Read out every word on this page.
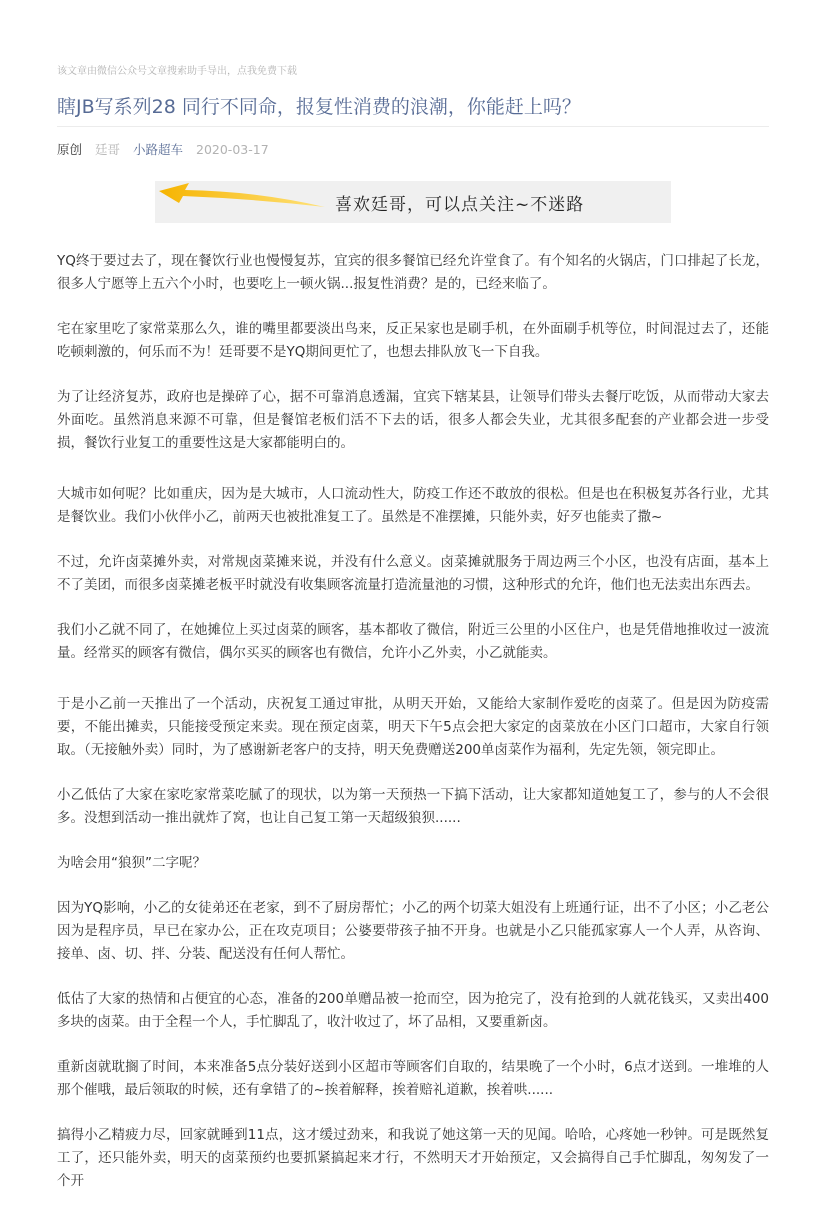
该文章由微信公众号文章搜索助手导出，点我免费下载
瞎JB写系列28 同行不同命，报复性消费的浪潮，你能赶上吗？
原创 廷哥 小路超车 2020-03-17
喜欢廷哥，可以点关注~不迷路

YQ终于要过去了，现在餐饮行业也慢慢复苏，宜宾的很多餐馆已经允许堂食了。有个知名的火锅店，门口排起了长龙，很多人宁愿等上五六个小时，也要吃上一顿火锅...报复性消费？是的，已经来临了。

宅在家里吃了家常菜那么久，谁的嘴里都要淡出鸟来，反正呆家也是刷手机，在外面刷手机等位，时间混过去了，还能吃顿刺激的，何乐而不为！廷哥要不是YQ期间更忙了，也想去排队放飞一下自我。

为了让经济复苏，政府也是操碎了心，据不可靠消息透漏，宜宾下辖某县，让领导们带头去餐厅吃饭，从而带动大家去外面吃。虽然消息来源不可靠，但是餐馆老板们活不下去的话，很多人都会失业，尤其很多配套的产业都会进一步受损，餐饮行业复工的重要性这是大家都能明白的。

大城市如何呢？比如重庆，因为是大城市，人口流动性大，防疫工作还不敢放的很松。但是也在积极复苏各行业，尤其是餐饮业。我们小伙伴小乙，前两天也被批准复工了。虽然是不准摆摊，只能外卖，好歹也能卖了撒~

不过，允许卤菜摊外卖，对常规卤菜摊来说，并没有什么意义。卤菜摊就服务于周边两三个小区，也没有店面，基本上不了美团，而很多卤菜摊老板平时就没有收集顾客流量打造流量池的习惯，这种形式的允许，他们也无法卖出东西去。

我们小乙就不同了，在她摊位上买过卤菜的顾客，基本都收了微信，附近三公里的小区住户，也是凭借地推收过一波流量。经常买的顾客有微信，偶尔买买的顾客也有微信，允许小乙外卖，小乙就能卖。

于是小乙前一天推出了一个活动，庆祝复工通过审批，从明天开始，又能给大家制作爱吃的卤菜了。但是因为防疫需要，不能出摊卖，只能接受预定来卖。现在预定卤菜，明天下午5点会把大家定的卤菜放在小区门口超市，大家自行领取。（无接触外卖）同时，为了感谢新老客户的支持，明天免费赠送200单卤菜作为福利，先定先领，领完即止。

小乙低估了大家在家吃家常菜吃腻了的现状，以为第一天预热一下搞下活动，让大家都知道她复工了，参与的人不会很多。没想到活动一推出就炸了窝，也让自己复工第一天超级狼狈......

为啥会用“狼狈”二字呢？

因为YQ影响，小乙的女徒弟还在老家，到不了厨房帮忙；小乙的两个切菜大姐没有上班通行证，出不了小区；小乙老公因为是程序员，早已在家办公，正在攻克项目；公婆要带孩子抽不开身。也就是小乙只能孤家寡人一个人弄，从咨询、接单、卤、切、拌、分装、配送没有任何人帮忙。

低估了大家的热情和占便宜的心态，准备的200单赠品被一抢而空，因为抢完了，没有抢到的人就花钱买，又卖出400多块的卤菜。由于全程一个人，手忙脚乱了，收汁收过了，坏了品相，又要重新卤。

重新卤就耽搁了时间，本来准备5点分装好送到小区超市等顾客们自取的，结果晚了一个小时，6点才送到。一堆堆的人那个催哦，最后领取的时候，还有拿错了的~挨着解释，挨着赔礼道歉，挨着哄......

搞得小乙精疲力尽，回家就睡到11点，这才缓过劲来，和我说了她这第一天的见闻。哈哈，心疼她一秒钟。可是既然复工了，还只能外卖，明天的卤菜预约也要抓紧搞起来才行，不然明天才开始预定，又会搞得自己手忙脚乱，匆匆发了一个开
